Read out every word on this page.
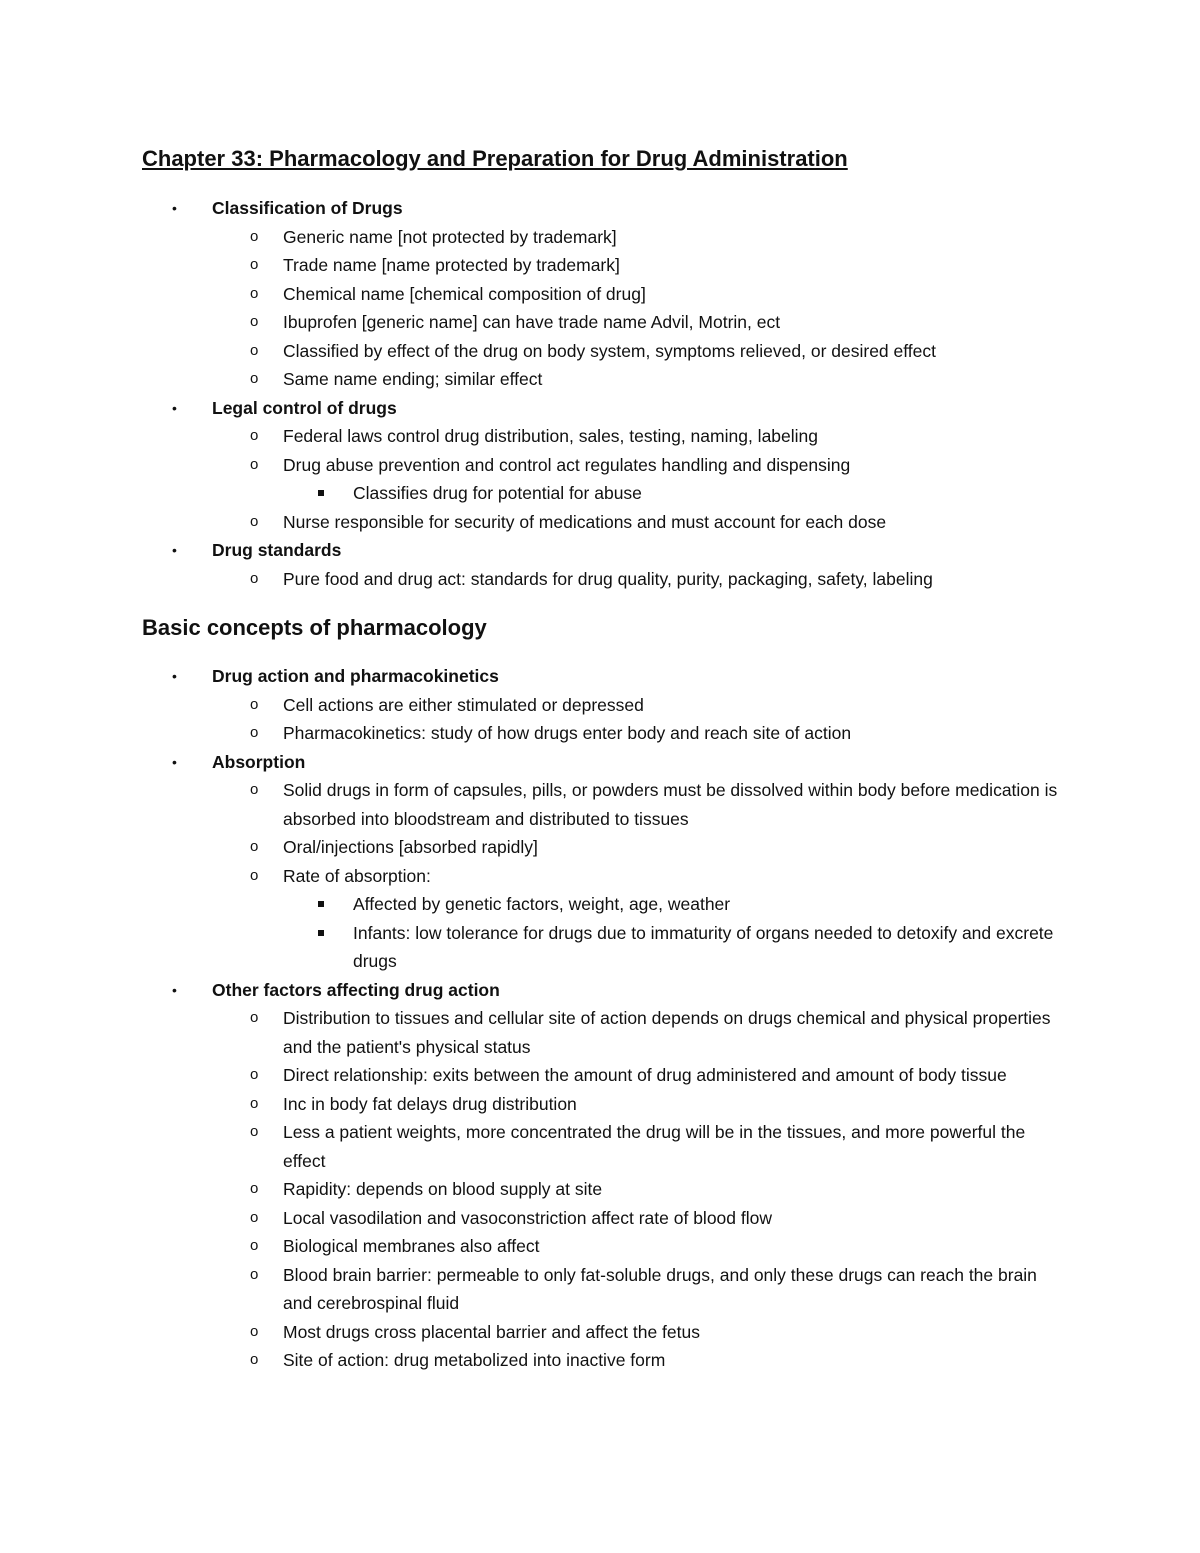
Chapter 33: Pharmacology and Preparation for Drug Administration
• Classification of Drugs
o Generic name [not protected by trademark]
o Trade name [name protected by trademark]
o Chemical name [chemical composition of drug]
o Ibuprofen [generic name] can have trade name Advil, Motrin, ect
o Classified by effect of the drug on body system, symptoms relieved, or desired effect
o Same name ending; similar effect
• Legal control of drugs
o Federal laws control drug distribution, sales, testing, naming, labeling
o Drug abuse prevention and control act regulates handling and dispensing
Classifies drug for potential for abuse
o Nurse responsible for security of medications and must account for each dose
• Drug standards
o Pure food and drug act: standards for drug quality, purity, packaging, safety, labeling
Basic concepts of pharmacology
• Drug action and pharmacokinetics
o Cell actions are either stimulated or depressed
o Pharmacokinetics: study of how drugs enter body and reach site of action
• Absorption
o Solid drugs in form of capsules, pills, or powders must be dissolved within body before medication is absorbed into bloodstream and distributed to tissues
o Oral/injections [absorbed rapidly]
o Rate of absorption:
Affected by genetic factors, weight, age, weather
Infants: low tolerance for drugs due to immaturity of organs needed to detoxify and excrete drugs
• Other factors affecting drug action
o Distribution to tissues and cellular site of action depends on drugs chemical and physical properties and the patient's physical status
o Direct relationship: exits between the amount of drug administered and amount of body tissue
o Inc in body fat delays drug distribution
o Less a patient weights, more concentrated the drug will be in the tissues, and more powerful the effect
o Rapidity: depends on blood supply at site
o Local vasodilation and vasoconstriction affect rate of blood flow
o Biological membranes also affect
o Blood brain barrier: permeable to only fat-soluble drugs, and only these drugs can reach the brain and cerebrospinal fluid
o Most drugs cross placental barrier and affect the fetus
o Site of action: drug metabolized into inactive form
